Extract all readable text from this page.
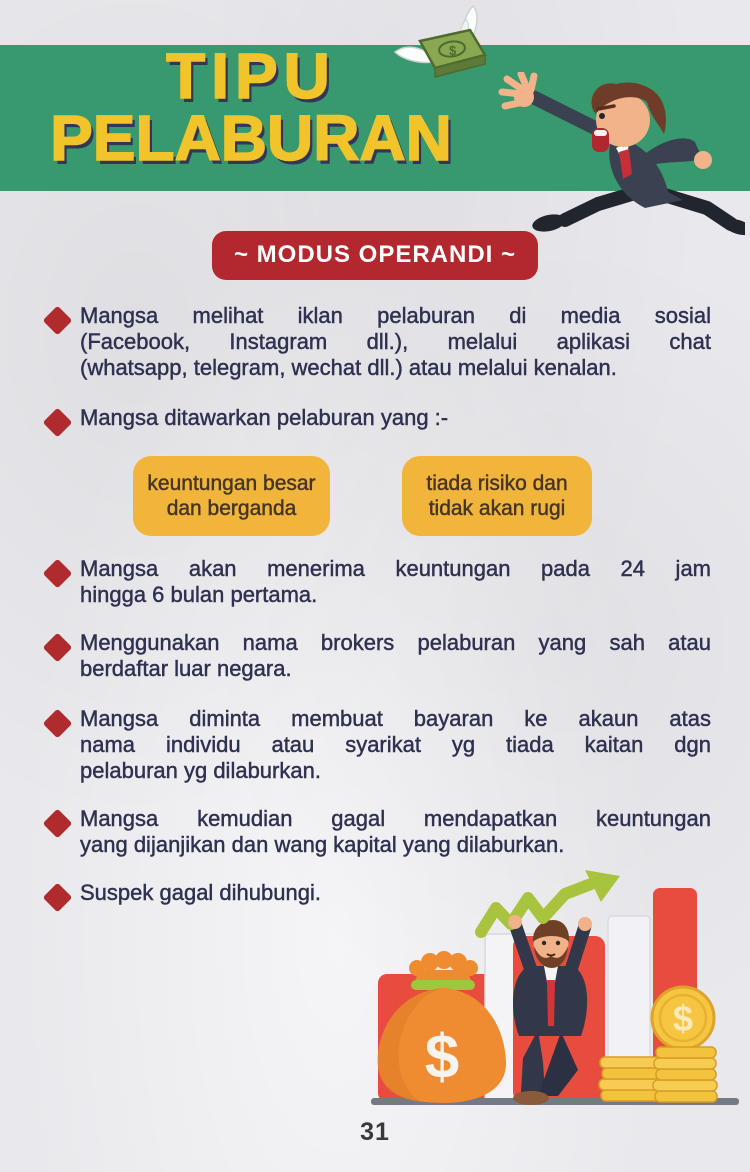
TIPU
PELABURAN
$
~ MODUS OPERANDI ~
Mangsa melihat iklan pelaburan di media sosial
(Facebook, Instagram dll.), melalui aplikasi chat
(whatsapp, telegram, wechat dll.) atau melalui kenalan.
Mangsa ditawarkan pelaburan yang :-
keuntungan besar
dan berganda
tiada risiko dan
tidak akan rugi
Mangsa akan menerima keuntungan pada 24 jam
hingga 6 bulan pertama.
Menggunakan nama brokers pelaburan yang sah atau
berdaftar luar negara.
Mangsa diminta membuat bayaran ke akaun atas
nama individu atau syarikat yg tiada kaitan dgn
pelaburan yg dilaburkan.
Mangsa kemudian gagal mendapatkan keuntungan
yang dijanjikan dan wang kapital yang dilaburkan.
Suspek gagal dihubungi.
$
$
31
